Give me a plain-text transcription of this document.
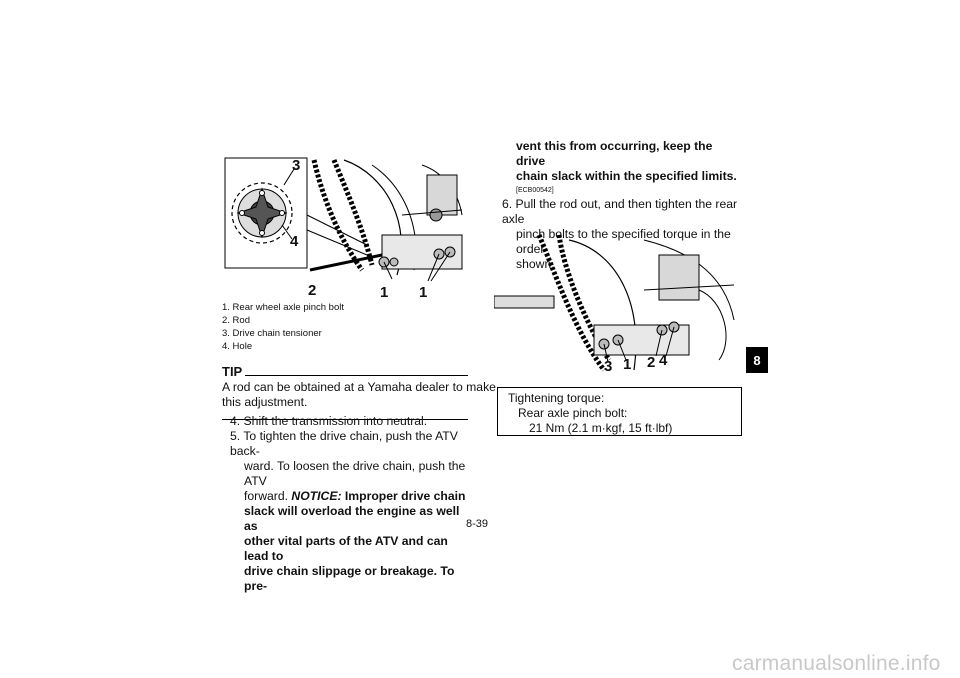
8
3
4
2	1 1
1. Rear wheel axle pinch bolt
2. Rod
3. Drive chain tensioner
4. Hole
TIP
A rod can be obtained at a Yamaha dealer to make
this adjustment.
4. Shift the transmission into neutral.
5. To tighten the drive chain, push the ATV back-
ward. To loosen the drive chain, push the ATV
forward. NOTICE: Improper drive chain
slack will overload the engine as well as
other vital parts of the ATV and can lead to
drive chain slippage or breakage. To pre-
8-39
vent this from occurring, keep the drive
chain slack within the specified limits.
[ECB00542]
6. Pull the rod out, and then tighten the rear axle
pinch bolts to the specified torque in the order
shown.
3 1 2 4
Tightening torque:
Rear axle pinch bolt:
21 Nm (2.1 m·kgf, 15 ft·lbf)
carmanualsonline.info
